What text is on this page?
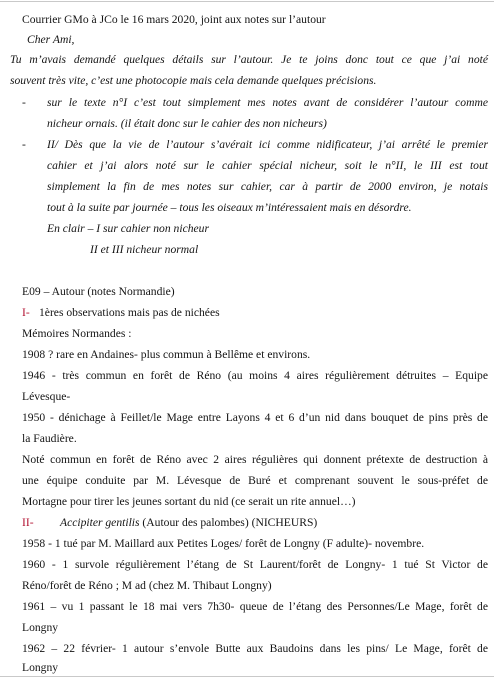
Courrier GMo à JCo le 16 mars 2020, joint aux notes sur l’autour
Cher Ami,
Tu m’avais demandé quelques détails sur l’autour. Je te joins donc tout ce que j’ai noté
souvent très vite, c’est une photocopie mais cela demande quelques précisions.
- sur le texte n°I c’est tout simplement mes notes avant de considérer l’autour comme
nicheur ornais. (il était donc sur le cahier des non nicheurs)
- II/ Dès que la vie de l’autour s’avérait ici comme nidificateur, j’ai arrêté le premier
cahier et j’ai alors noté sur le cahier spécial nicheur, soit le n°II, le III est tout
simplement la fin de mes notes sur cahier, car à partir de 2000 environ, je notais
tout à la suite par journée – tous les oiseaux m’intéressaient mais en désordre.
En clair – I sur cahier non nicheur
II et III nicheur normal
E09 – Autour (notes Normandie)
I- 1ères observations mais pas de nichées
Mémoires Normandes :
1908 ? rare en Andaines- plus commun à Bellême et environs.
1946 - très commun en forêt de Réno (au moins 4 aires régulièrement détruites – Equipe
Lévesque-
1950 - dénichage à Feillet/le Mage entre Layons 4 et 6 d’un nid dans bouquet de pins près de
la Faudière.
Noté commun en forêt de Réno avec 2 aires régulières qui donnent prétexte de destruction à
une équipe conduite par M. Lévesque de Buré et comprenant souvent le sous-préfet de
Mortagne pour tirer les jeunes sortant du nid (ce serait un rite annuel…)
II- Accipiter gentilis (Autour des palombes) (NICHEURS)
1958 - 1 tué par M. Maillard aux Petites Loges/ forêt de Longny (F adulte)- novembre.
1960 - 1 survole régulièrement l’étang de St Laurent/forêt de Longny- 1 tué St Victor de
Réno/forêt de Réno ; M ad (chez M. Thibaut Longny)
1961 – vu 1 passant le 18 mai vers 7h30- queue de l’étang des Personnes/Le Mage, forêt de
Longny
1962 – 22 février- 1 autour s’envole Butte aux Baudoins dans les pins/ Le Mage, forêt de
Longny
